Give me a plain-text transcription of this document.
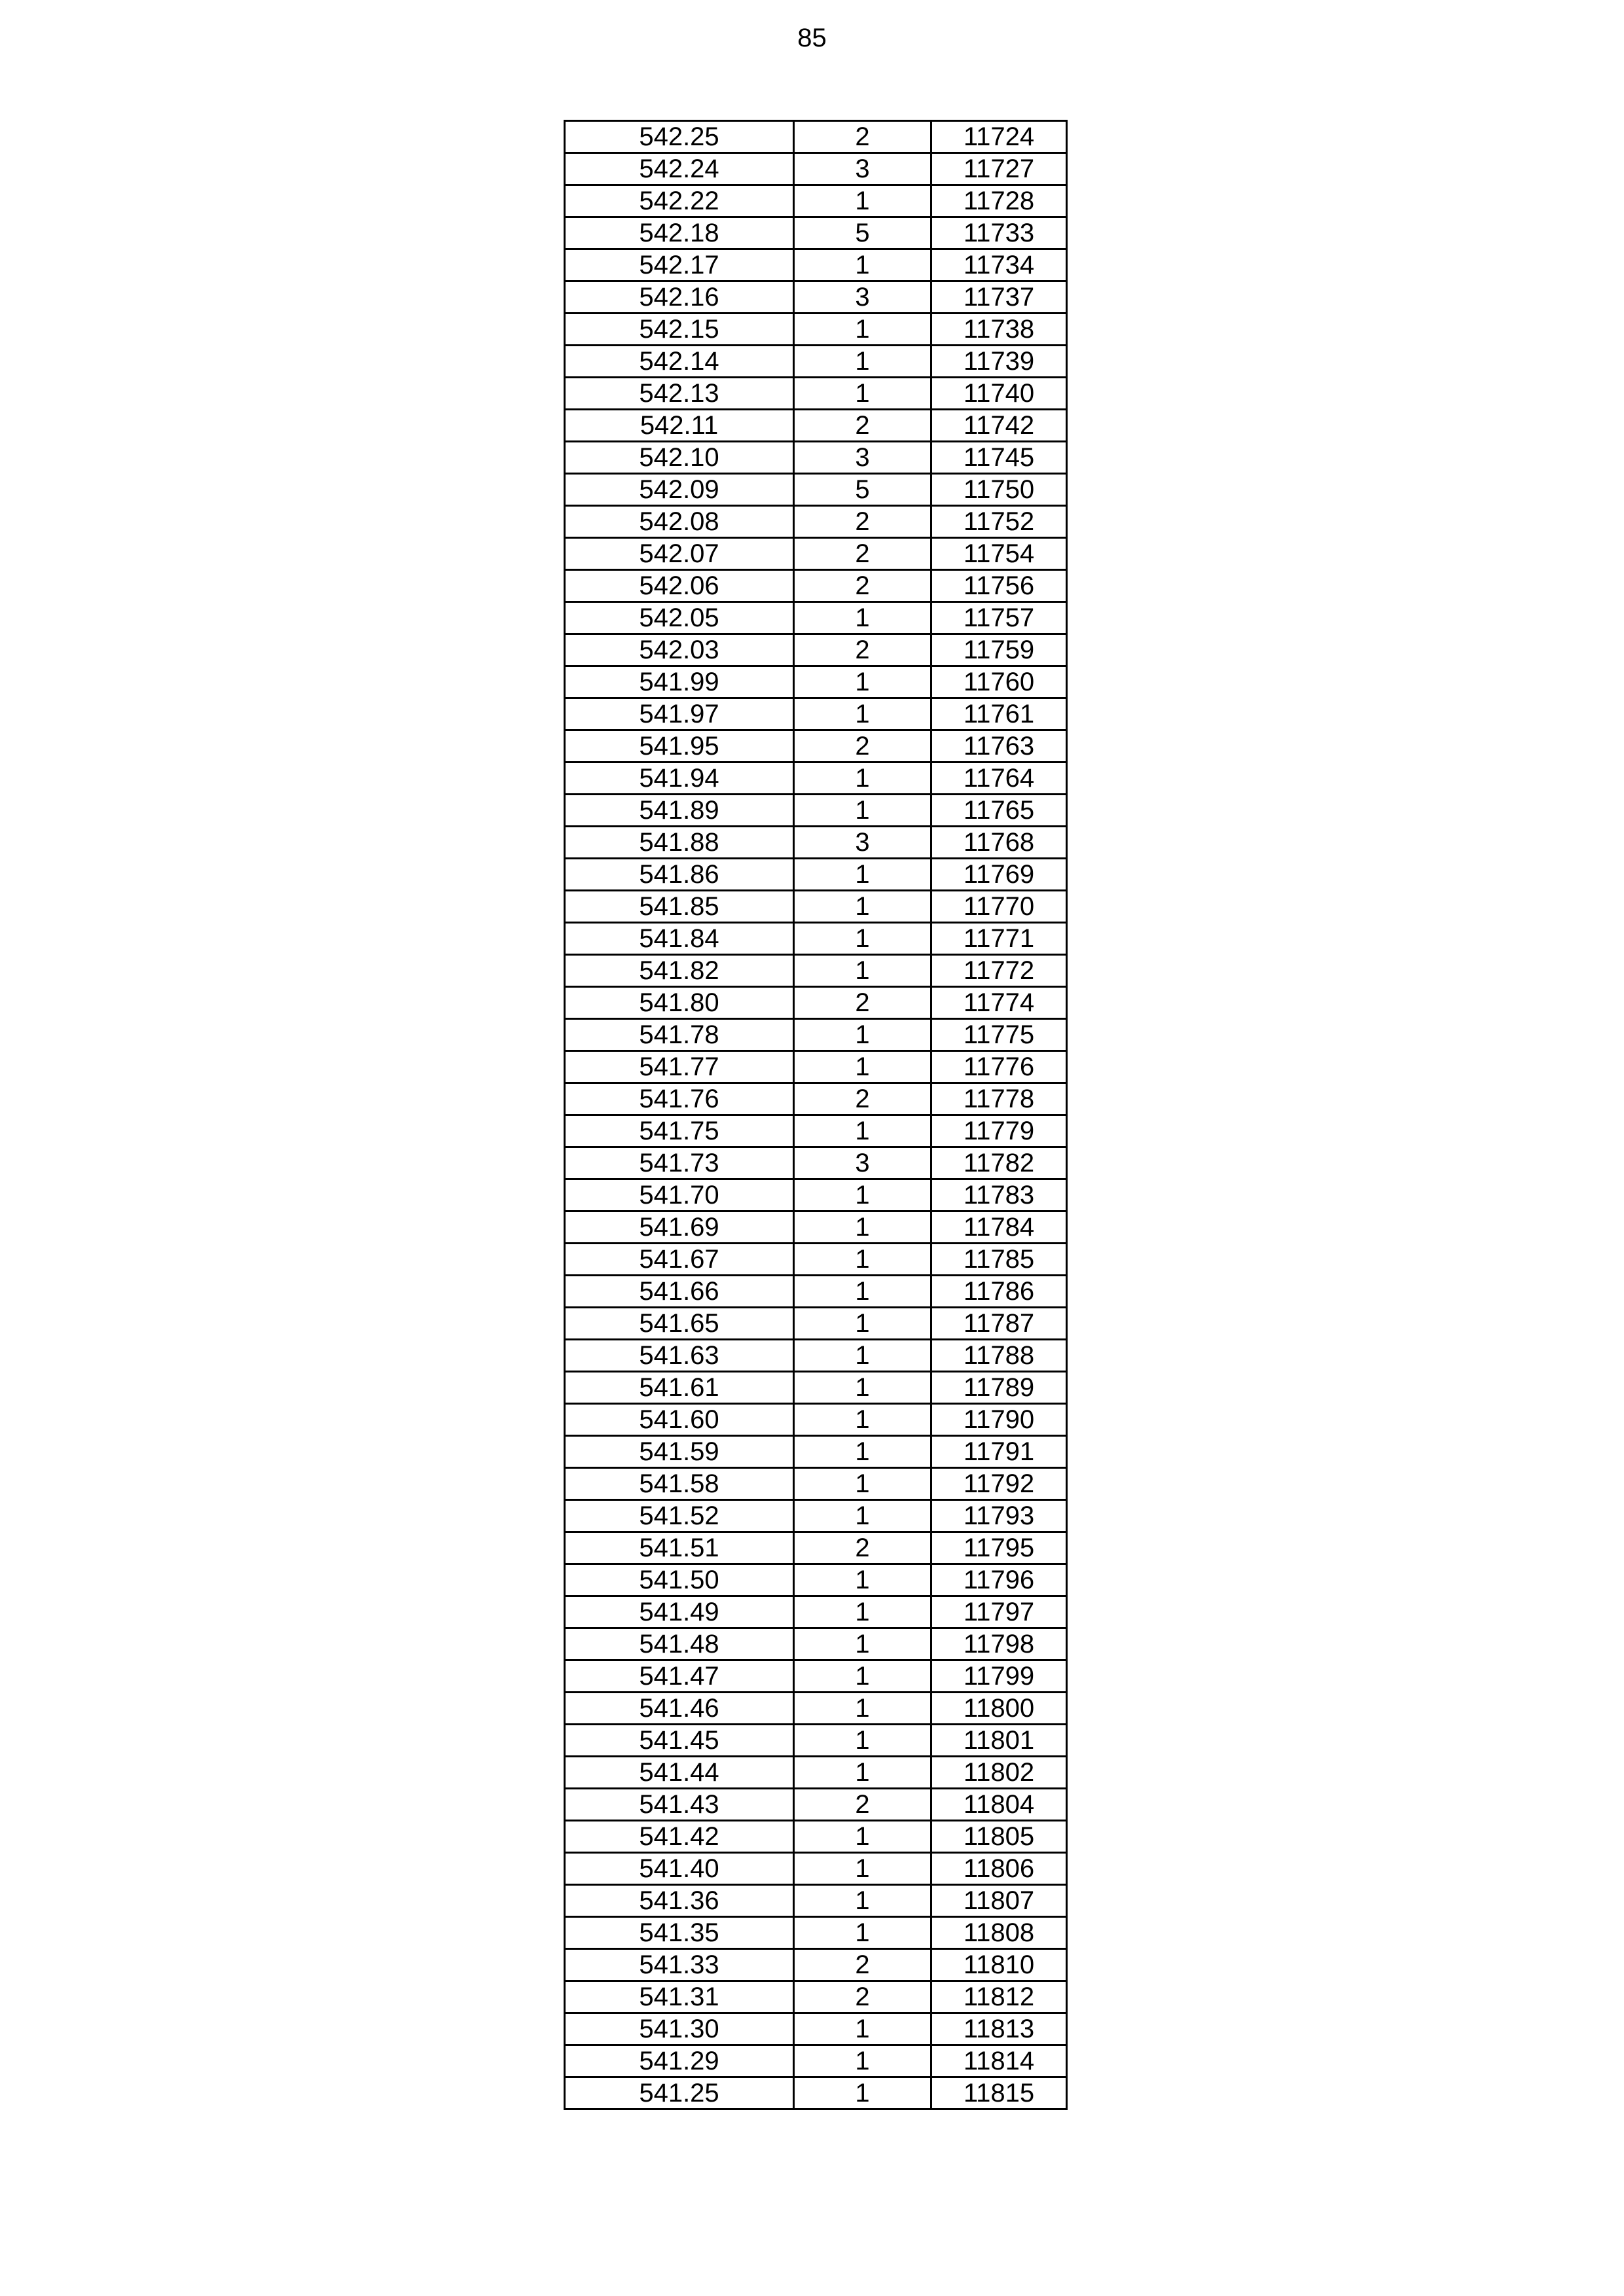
85
542.25	2	11724
542.24	3	11727
542.22	1	11728
542.18	5	11733
542.17	1	11734
542.16	3	11737
542.15	1	11738
542.14	1	11739
542.13	1	11740
542.11	2	11742
542.10	3	11745
542.09	5	11750
542.08	2	11752
542.07	2	11754
542.06	2	11756
542.05	1	11757
542.03	2	11759
541.99	1	11760
541.97	1	11761
541.95	2	11763
541.94	1	11764
541.89	1	11765
541.88	3	11768
541.86	1	11769
541.85	1	11770
541.84	1	11771
541.82	1	11772
541.80	2	11774
541.78	1	11775
541.77	1	11776
541.76	2	11778
541.75	1	11779
541.73	3	11782
541.70	1	11783
541.69	1	11784
541.67	1	11785
541.66	1	11786
541.65	1	11787
541.63	1	11788
541.61	1	11789
541.60	1	11790
541.59	1	11791
541.58	1	11792
541.52	1	11793
541.51	2	11795
541.50	1	11796
541.49	1	11797
541.48	1	11798
541.47	1	11799
541.46	1	11800
541.45	1	11801
541.44	1	11802
541.43	2	11804
541.42	1	11805
541.40	1	11806
541.36	1	11807
541.35	1	11808
541.33	2	11810
541.31	2	11812
541.30	1	11813
541.29	1	11814
541.25	1	11815
